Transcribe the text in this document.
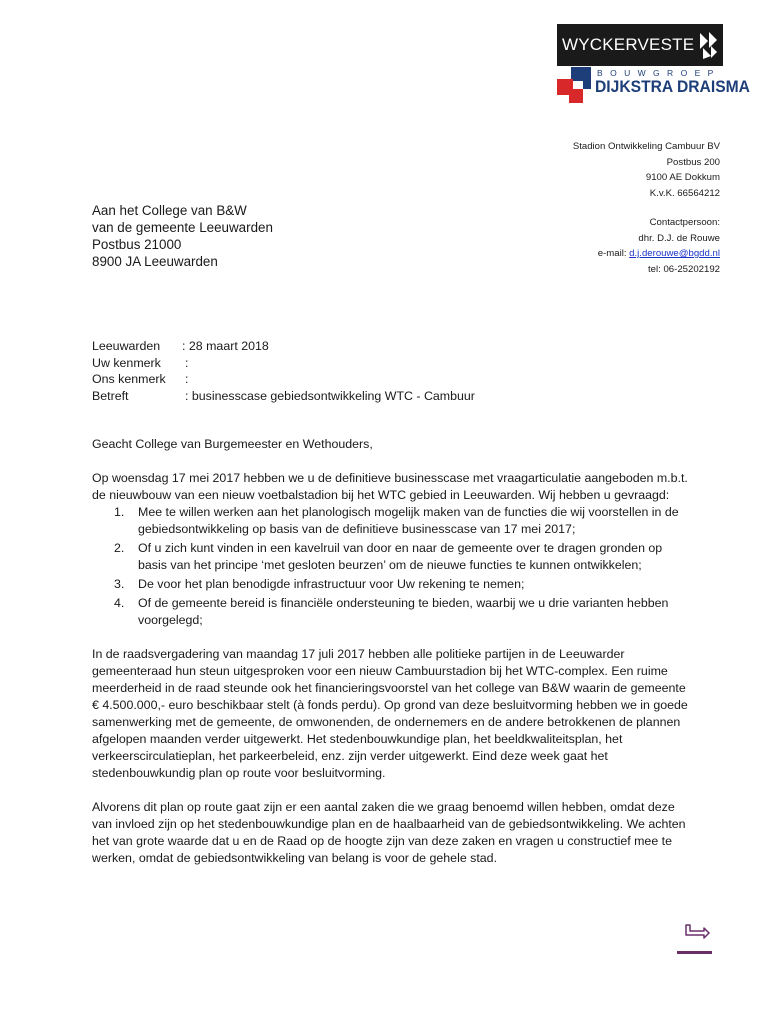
WYCKERVESTE
BOUWGROEP
DIJKSTRA DRAISMA
Stadion Ontwikkeling Cambuur BV
Postbus 200
9100 AE Dokkum
K.v.K. 66564212
Contactpersoon:
dhr. D.J. de Rouwe
e-mail: d.j.derouwe@bgdd.nl
tel: 06-25202192
Aan het College van B&W
van de gemeente Leeuwarden
Postbus 21000
8900 JA Leeuwarden
Leeuwarden : 28 maart 2018
Uw kenmerk :
Ons kenmerk :
Betreft	: businesscase gebiedsontwikkeling WTC - Cambuur

Geacht College van Burgemeester en Wethouders,

Op woensdag 17 mei 2017 hebben we u de definitieve businesscase met vraagarticulatie aangeboden m.b.t. de nieuwbouw van een nieuw voetbalstadion bij het WTC gebied in Leeuwarden. Wij hebben u gevraagd:

1. Mee te willen werken aan het planologisch mogelijk maken van de functies die wij voorstellen in de gebiedsontwikkeling op basis van de definitieve businesscase van 17 mei 2017;
2. Of u zich kunt vinden in een kavelruil van door en naar de gemeente over te dragen gronden op basis van het principe ‘met gesloten beurzen’ om de nieuwe functies te kunnen ontwikkelen;
3. De voor het plan benodigde infrastructuur voor Uw rekening te nemen;
4. Of de gemeente bereid is financiële ondersteuning te bieden, waarbij we u drie varianten hebben voorgelegd;

In de raadsvergadering van maandag 17 juli 2017 hebben alle politieke partijen in de Leeuwarder gemeenteraad hun steun uitgesproken voor een nieuw Cambuurstadion bij het WTC-complex. Een ruime meerderheid in de raad steunde ook het financieringsvoorstel van het college van B&W waarin de gemeente € 4.500.000,- euro beschikbaar stelt (à fonds perdu). Op grond van deze besluitvorming hebben we in goede samenwerking met de gemeente, de omwonenden, de ondernemers en de andere betrokkenen de plannen afgelopen maanden verder uitgewerkt. Het stedenbouwkundige plan, het beeldkwaliteitsplan, het verkeerscirculatieplan, het parkeerbeleid, enz. zijn verder uitgewerkt. Eind deze week gaat het stedenbouwkundig plan op route voor besluitvorming.

Alvorens dit plan op route gaat zijn er een aantal zaken die we graag benoemd willen hebben, omdat deze van invloed zijn op het stedenbouwkundige plan en de haalbaarheid van de gebiedsontwikkeling. We achten het van grote waarde dat u en de Raad op de hoogte zijn van deze zaken en vragen u constructief mee te werken, omdat de gebiedsontwikkeling van belang is voor de gehele stad.
